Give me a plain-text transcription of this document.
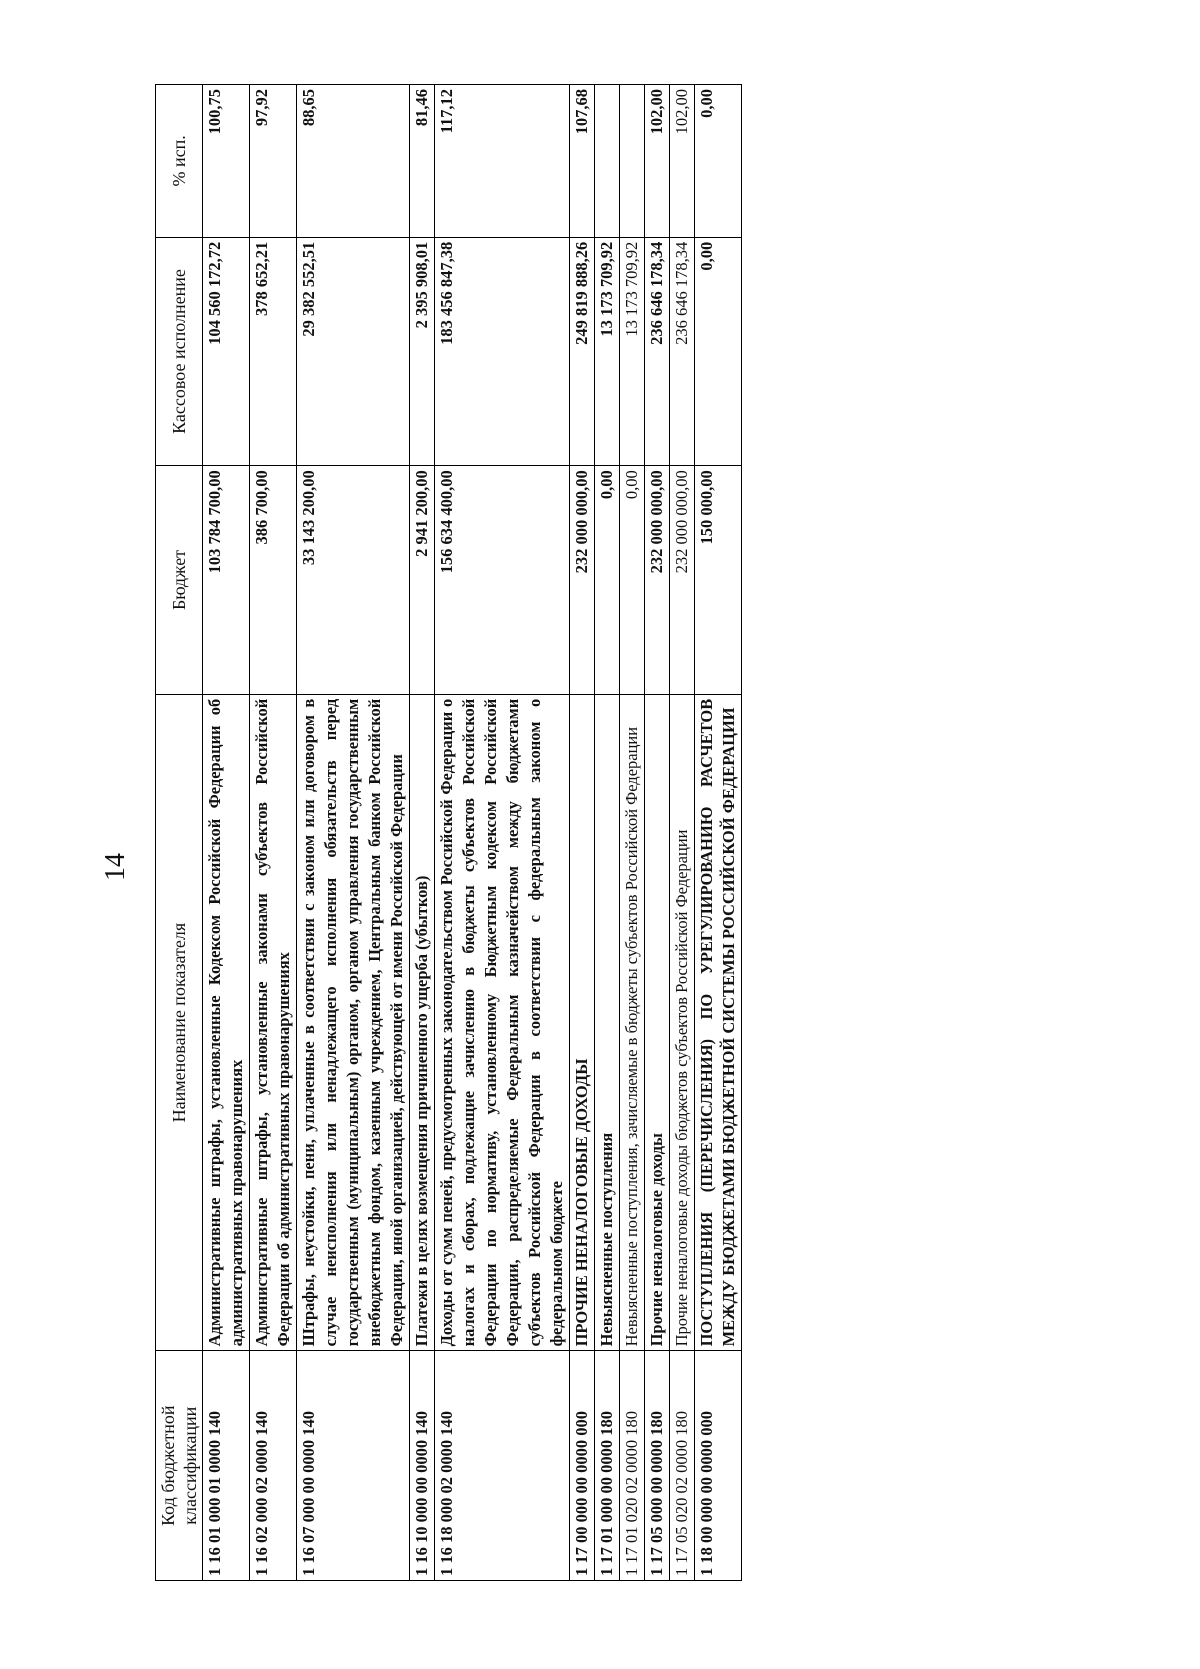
14
Код бюджетной классификации	Наименование показателя	Бюджет	Кассовое исполнение	% исп.
1 16 01 000 01 0000 140	Административные штрафы, установленные Кодексом Российской Федерации об административных правонарушениях	103 784 700,00	104 560 172,72	100,75
1 16 02 000 02 0000 140	Административные штрафы, установленные законами субъектов Российской Федерации об административных правонарушениях	386 700,00	378 652,21	97,92
1 16 07 000 00 0000 140	Штрафы, неустойки, пени, уплаченные в соответствии с законом или договором в случае неисполнения или ненадлежащего исполнения обязательств перед государственным (муниципальным) органом, органом управления государственным внебюджетным фондом, казенным учреждением, Центральным банком Российской Федерации, иной организацией, действующей от имени Российской Федерации	33 143 200,00	29 382 552,51	88,65
1 16 10 000 00 0000 140	Платежи в целях возмещения причиненного ущерба (убытков)	2 941 200,00	2 395 908,01	81,46
1 16 18 000 02 0000 140	Доходы от сумм пеней, предусмотренных законодательством Российской Федерации о налогах и сборах, подлежащие зачислению в бюджеты субъектов Российской Федерации по нормативу, установленному Бюджетным кодексом Российской Федерации, распределяемые Федеральным казначейством между бюджетами субъектов Российской Федерации в соответствии с федеральным законом о федеральном бюджете	156 634 400,00	183 456 847,38	117,12
1 17 00 000 00 0000 000	ПРОЧИЕ НЕНАЛОГОВЫЕ ДОХОДЫ	232 000 000,00	249 819 888,26	107,68
1 17 01 000 00 0000 180	Невыясненные поступления	0,00	13 173 709,92	
1 17 01 020 02 0000 180	Невыясненные поступления, зачисляемые в бюджеты субъектов Российской Федерации	0,00	13 173 709,92	
1 17 05 000 00 0000 180	Прочие неналоговые доходы	232 000 000,00	236 646 178,34	102,00
1 17 05 020 02 0000 180	Прочие неналоговые доходы бюджетов субъектов Российской Федерации	232 000 000,00	236 646 178,34	102,00
1 18 00 000 00 0000 000	ПОСТУПЛЕНИЯ (ПЕРЕЧИСЛЕНИЯ) ПО УРЕГУЛИРОВАНИЮ РАСЧЕТОВ МЕЖДУ БЮДЖЕТАМИ БЮДЖЕТНОЙ СИСТЕМЫ РОССИЙСКОЙ ФЕДЕРАЦИИ	150 000,00	0,00	0,00
